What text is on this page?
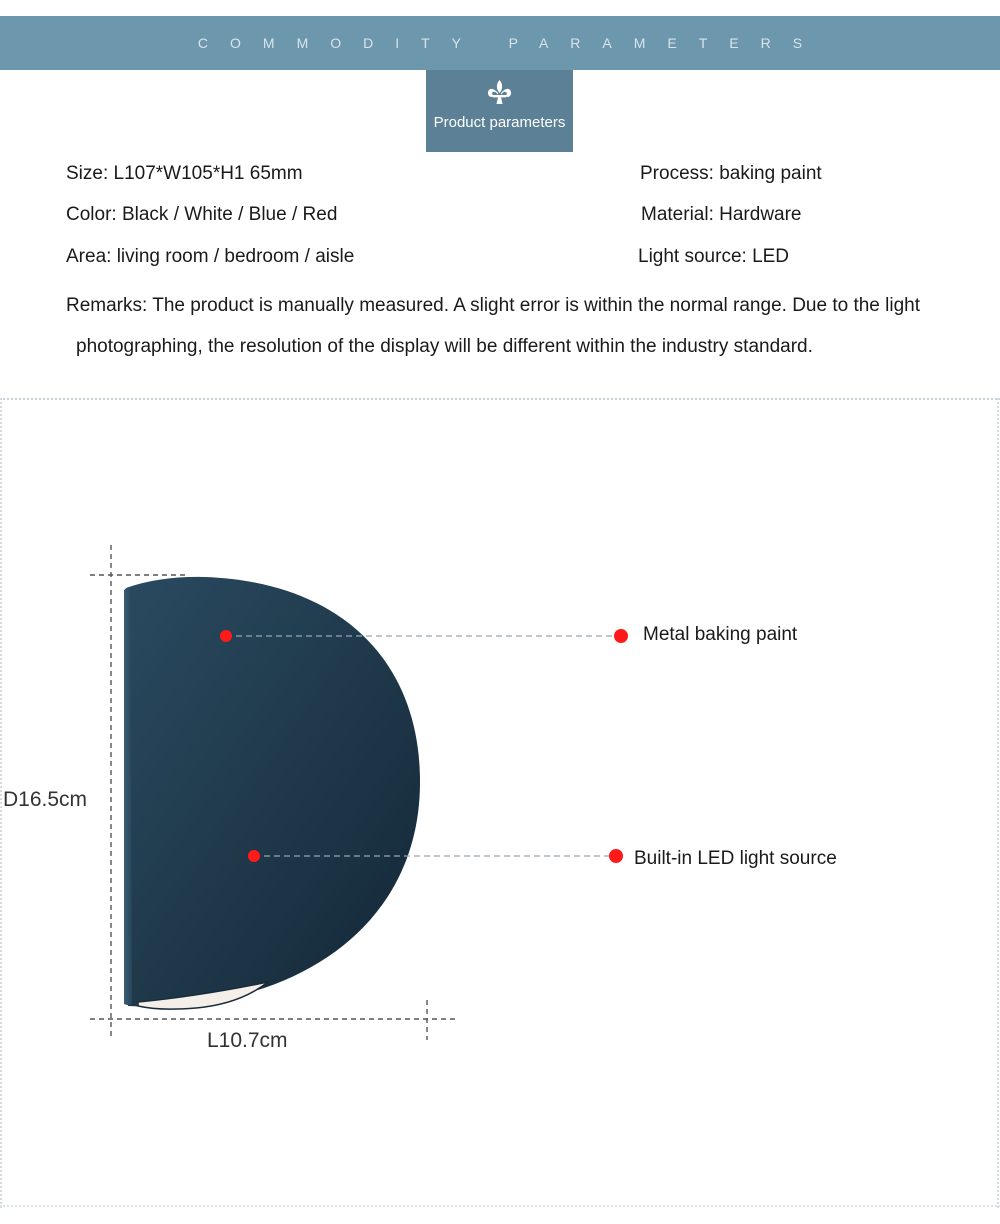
COMMODITY PARAMETERS
Product parameters
Size: L107*W105*H1 65mm	Process: baking paint
Color: Black / White / Blue / Red	Material: Hardware
Area: living room / bedroom / aisle	Light source: LED
Remarks: The product is manually measured. A slight error is within the normal range. Due to the light
photographing, the resolution of the display will be different within the industry standard.
Metal baking paint
Built-in LED light source
D16.5cm
L10.7cm
